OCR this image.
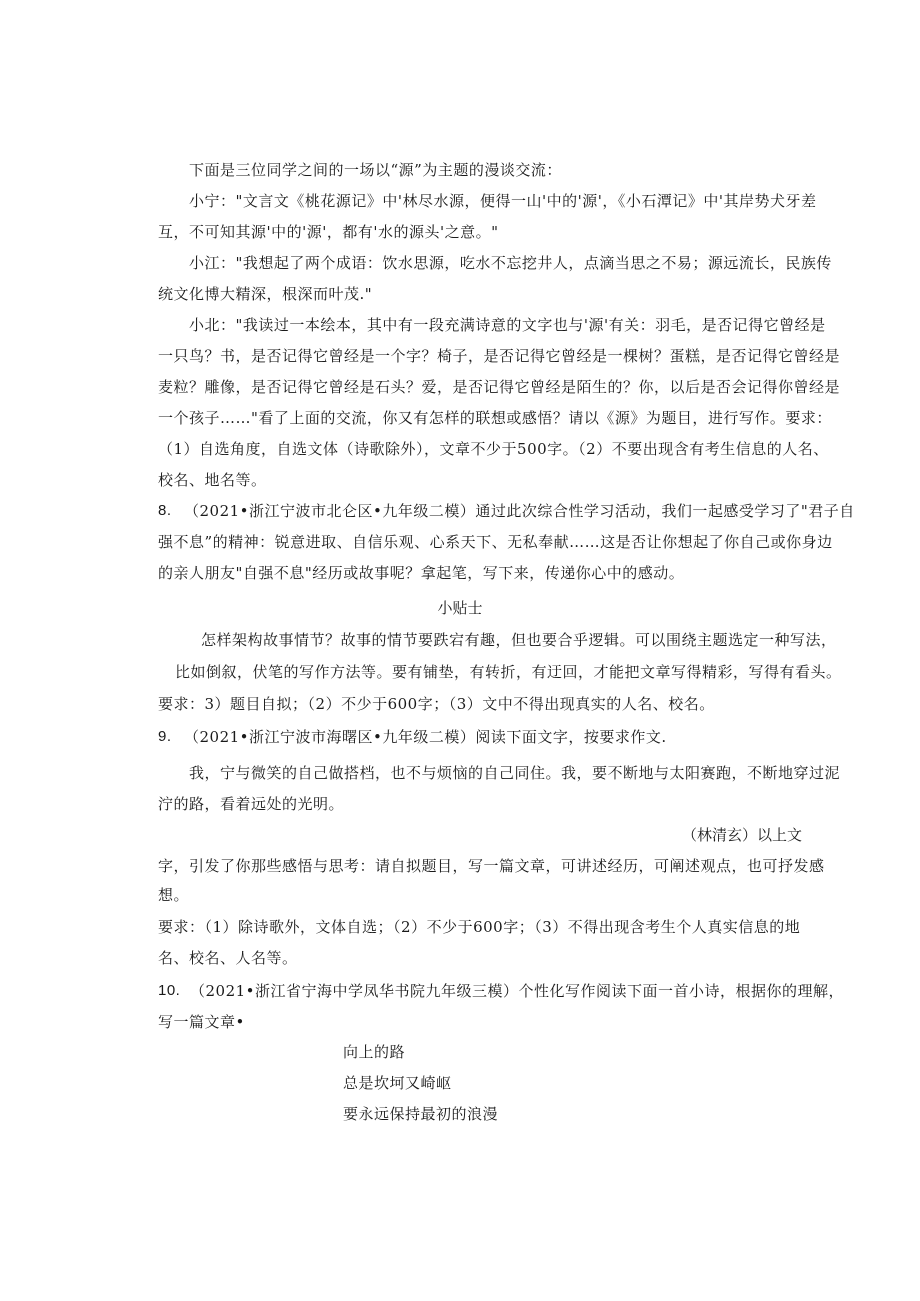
下面是三位同学之间的一场以“源”为主题的漫谈交流：
小宁："文言文《桃花源记》中'林尽水源，便得一山'中的'源'，《小石潭记》中'其岸势犬牙差
互，不可知其源'中的'源'，都有'水的源头'之意。"
小江："我想起了两个成语：饮水思源，吃水不忘挖井人，点滴当思之不易；源远流长，民族传
统文化博大精深，根深而叶茂."
小北："我读过一本绘本，其中有一段充满诗意的文字也与'源'有关：羽毛，是否记得它曾经是
一只鸟？书，是否记得它曾经是一个字？椅子，是否记得它曾经是一棵树？蛋糕，是否记得它曾经是
麦粒？雕像，是否记得它曾经是石头？爱，是否记得它曾经是陌生的？你，以后是否会记得你曾经是
一个孩子……"看了上面的交流，你又有怎样的联想或感悟？请以《源》为题目，进行写作。要求：
（1）自选角度，自选文体（诗歌除外），文章不少于500字。（2）不要出现含有考生信息的人名、
校名、地名等。
8. （2021•浙江宁波市北仑区•九年级二模）通过此次综合性学习活动，我们一起感受学习了"君子自
强不息”的精神：锐意进取、自信乐观、心系天下、无私奉献……这是否让你想起了你自己或你身边
的亲人朋友"自强不息"经历或故事呢？拿起笔，写下来，传递你心中的感动。
小贴士
怎样架构故事情节？故事的情节要跌宕有趣，但也要合乎逻辑。可以围绕主题选定一种写法，
比如倒叙，伏笔的写作方法等。要有铺垫，有转折，有迂回，才能把文章写得精彩，写得有看头。
要求：3）题目自拟；（2）不少于600字；（3）文中不得出现真实的人名、校名。
9. （2021•浙江宁波市海曙区•九年级二模）阅读下面文字，按要求作文.
我，宁与微笑的自己做搭档，也不与烦恼的自己同住。我，要不断地与太阳赛跑，不断地穿过泥
泞的路，看着远处的光明。
（林清玄）以上文
字，引发了你那些感悟与思考：请自拟题目，写一篇文章，可讲述经历，可阐述观点，也可抒发感
想。
要求：（1）除诗歌外，文体自选；（2）不少于600字；（3）不得出现含考生个人真实信息的地
名、校名、人名等。
10. （2021•浙江省宁海中学凤华书院九年级三模）个性化写作阅读下面一首小诗，根据你的理解，
写一篇文章•
向上的路
总是坎坷又崎岖
要永远保持最初的浪漫
